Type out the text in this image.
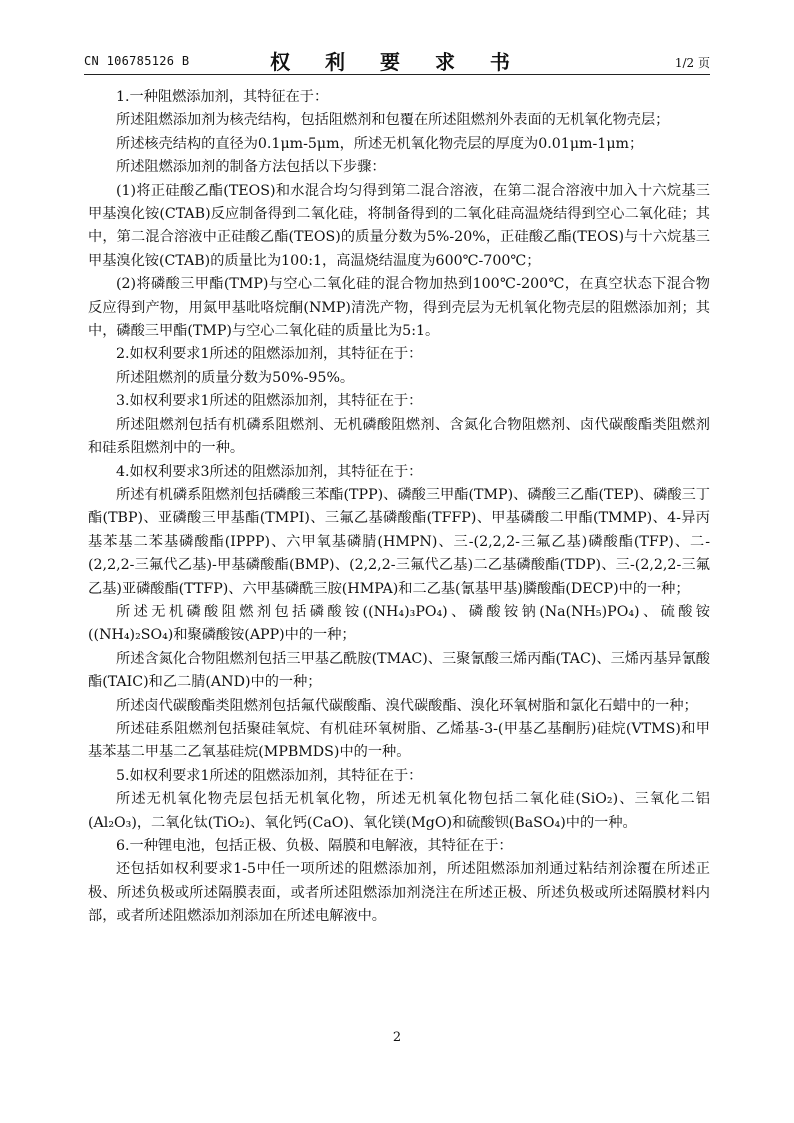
CN 106785126 B	权 利 要 求 书	1/2 页

1.一种阻燃添加剂，其特征在于：

所述阻燃添加剂为核壳结构，包括阻燃剂和包覆在所述阻燃剂外表面的无机氧化物壳层；

所述核壳结构的直径为0.1μm-5μm，所述无机氧化物壳层的厚度为0.01μm-1μm；

所述阻燃添加剂的制备方法包括以下步骤：

(1)将正硅酸乙酯(TEOS)和水混合均匀得到第二混合溶液，在第二混合溶液中加入十六烷基三甲基溴化铵(CTAB)反应制备得到二氧化硅，将制备得到的二氧化硅高温烧结得到空心二氧化硅；其中，第二混合溶液中正硅酸乙酯(TEOS)的质量分数为5%-20%，正硅酸乙酯(TEOS)与十六烷基三甲基溴化铵(CTAB)的质量比为100:1，高温烧结温度为600℃-700℃；

(2)将磷酸三甲酯(TMP)与空心二氧化硅的混合物加热到100℃-200℃，在真空状态下混合物反应得到产物，用氮甲基吡咯烷酮(NMP)清洗产物，得到壳层为无机氧化物壳层的阻燃添加剂；其中，磷酸三甲酯(TMP)与空心二氧化硅的质量比为5:1。

2.如权利要求1所述的阻燃添加剂，其特征在于：

所述阻燃剂的质量分数为50%-95%。

3.如权利要求1所述的阻燃添加剂，其特征在于：

所述阻燃剂包括有机磷系阻燃剂、无机磷酸阻燃剂、含氮化合物阻燃剂、卤代碳酸酯类阻燃剂和硅系阻燃剂中的一种。

4.如权利要求3所述的阻燃添加剂，其特征在于：

所述有机磷系阻燃剂包括磷酸三苯酯(TPP)、磷酸三甲酯(TMP)、磷酸三乙酯(TEP)、磷酸三丁酯(TBP)、亚磷酸三甲基酯(TMPI)、三氟乙基磷酸酯(TFFP)、甲基磷酸二甲酯(TMMP)、4-异丙基苯基二苯基磷酸酯(IPPP)、六甲氧基磷腈(HMPN)、三-(2,2,2-三氟乙基)磷酸酯(TFP)、二-(2,2,2-三氟代乙基)-甲基磷酸酯(BMP)、(2,2,2-三氟代乙基)二乙基磷酸酯(TDP)、三-(2,2,2-三氟乙基)亚磷酸酯(TTFP)、六甲基磷酰三胺(HMPA)和二乙基(氰基甲基)膦酸酯(DECP)中的一种；

所述无机磷酸阻燃剂包括磷酸铵((NH₄)₃PO₄)、磷酸铵钠(Na(NH₅)PO₄)、硫酸铵((NH₄)₂SO₄)和聚磷酸铵(APP)中的一种；

所述含氮化合物阻燃剂包括三甲基乙酰胺(TMAC)、三聚氰酸三烯丙酯(TAC)、三烯丙基异氰酸酯(TAIC)和乙二腈(AND)中的一种；

所述卤代碳酸酯类阻燃剂包括氟代碳酸酯、溴代碳酸酯、溴化环氧树脂和氯化石蜡中的一种；

所述硅系阻燃剂包括聚硅氧烷、有机硅环氧树脂、乙烯基-3-(甲基乙基酮肟)硅烷(VTMS)和甲基苯基二甲基二乙氧基硅烷(MPBMDS)中的一种。

5.如权利要求1所述的阻燃添加剂，其特征在于：

所述无机氧化物壳层包括无机氧化物，所述无机氧化物包括二氧化硅(SiO₂)、三氧化二铝(Al₂O₃)，二氧化钛(TiO₂)、氧化钙(CaO)、氧化镁(MgO)和硫酸钡(BaSO₄)中的一种。

6.一种锂电池，包括正极、负极、隔膜和电解液，其特征在于：

还包括如权利要求1-5中任一项所述的阻燃添加剂，所述阻燃添加剂通过粘结剂涂覆在所述正极、所述负极或所述隔膜表面，或者所述阻燃添加剂浇注在所述正极、所述负极或所述隔膜材料内部，或者所述阻燃添加剂添加在所述电解液中。

2
